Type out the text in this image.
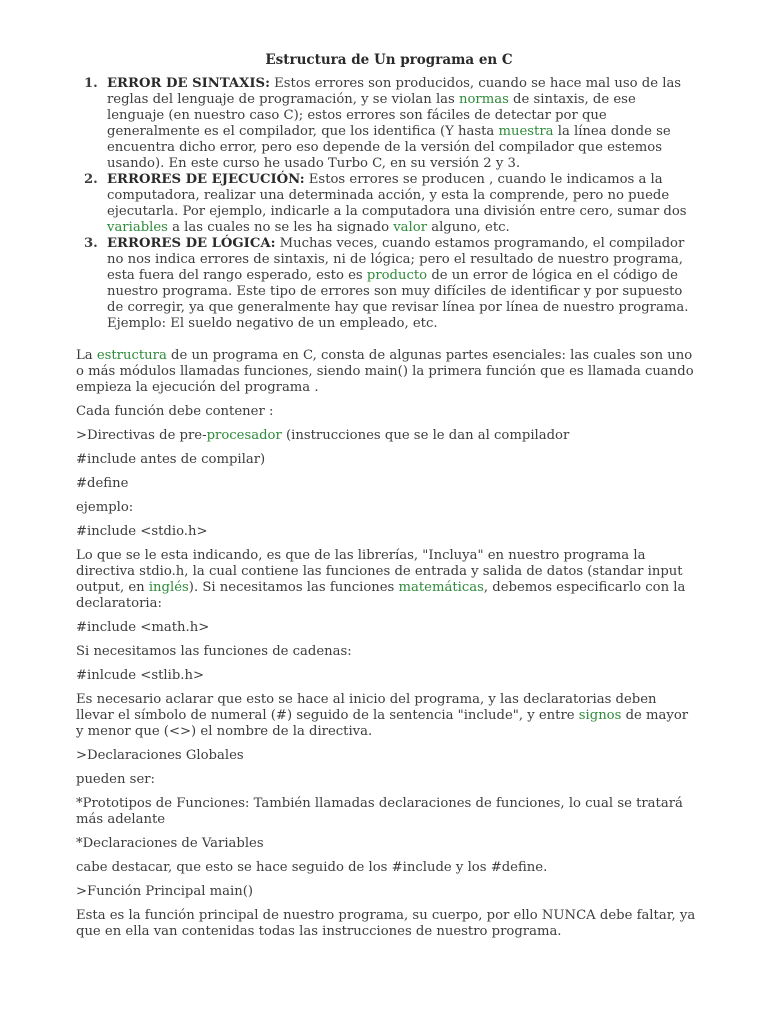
Estructura de Un programa en C
1. ERROR DE SINTAXIS: Estos errores son producidos, cuando se hace mal uso de las reglas del lenguaje de programación, y se violan las normas de sintaxis, de ese lenguaje (en nuestro caso C); estos errores son fáciles de detectar por que generalmente es el compilador, que los identifica (Y hasta muestra la línea donde se encuentra dicho error, pero eso depende de la versión del compilador que estemos usando). En este curso he usado Turbo C, en su versión 2 y 3.
2. ERRORES DE EJECUCIÓN: Estos errores se producen , cuando le indicamos a la computadora, realizar una determinada acción, y esta la comprende, pero no puede ejecutarla. Por ejemplo, indicarle a la computadora una división entre cero, sumar dos variables a las cuales no se les ha signado valor alguno, etc.
3. ERRORES DE LÓGICA: Muchas veces, cuando estamos programando, el compilador no nos indica errores de sintaxis, ni de lógica; pero el resultado de nuestro programa, esta fuera del rango esperado, esto es producto de un error de lógica en el código de nuestro programa. Este tipo de errores son muy difíciles de identificar y por supuesto de corregir, ya que generalmente hay que revisar línea por línea de nuestro programa. Ejemplo: El sueldo negativo de un empleado, etc.

La estructura de un programa en C, consta de algunas partes esenciales: las cuales son uno o más módulos llamadas funciones, siendo main() la primera función que es llamada cuando empieza la ejecución del programa .

Cada función debe contener :

>Directivas de pre-procesador (instrucciones que se le dan al compilador

#include antes de compilar)

#define

ejemplo:

#include <stdio.h>

Lo que se le esta indicando, es que de las librerías, "Incluya" en nuestro programa la directiva stdio.h, la cual contiene las funciones de entrada y salida de datos (standar input output, en inglés). Si necesitamos las funciones matemáticas, debemos especificarlo con la declaratoria:

#include <math.h>

Si necesitamos las funciones de cadenas:

#inlcude <stlib.h>

Es necesario aclarar que esto se hace al inicio del programa, y las declaratorias deben llevar el símbolo de numeral (#) seguido de la sentencia "include", y entre signos de mayor y menor que (<>) el nombre de la directiva.

>Declaraciones Globales

pueden ser:

*Prototipos de Funciones: También llamadas declaraciones de funciones, lo cual se tratará más adelante

*Declaraciones de Variables

cabe destacar, que esto se hace seguido de los #include y los #define.

>Función Principal main()

Esta es la función principal de nuestro programa, su cuerpo, por ello NUNCA debe faltar, ya que en ella van contenidas todas las instrucciones de nuestro programa.
